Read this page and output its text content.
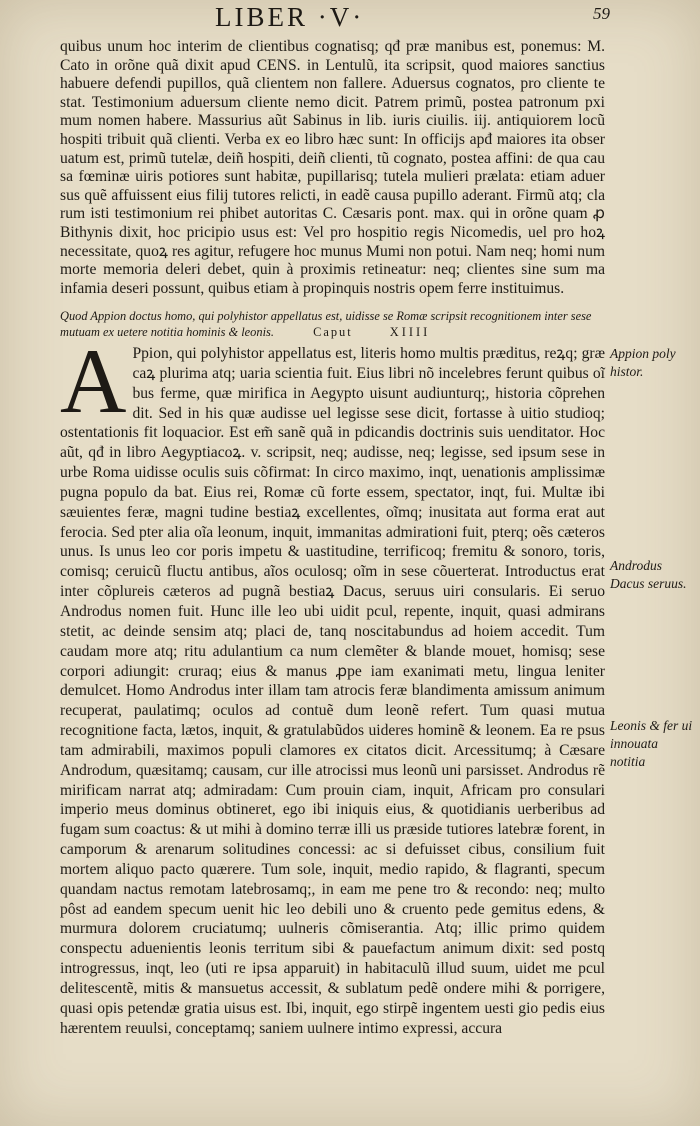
LIBER ·V·	59

quibus unum hoc interim de clientibus cognatisq; qđ præ manibus est, ponemus: M. Cato in orõne quã dixit apud CENS. in Lentulũ, ita scripsit, quod maiores sanctius habuere defendi pupillos, quã clientem non fallere. Aduersus cognatos, pro cliente te stat. Testimonium aduersum cliente nemo dicit. Patrem primũ, postea patronum pxi mum nomen habere. Massurius aũt Sabinus in lib. iuris ciuilis. iij. antiquiorem locũ hospiti tribuit quã clienti. Verba ex eo libro hæc sunt: In officijs apđ maiores ita obser uatum est, primũ tutelæ, deiñ hospiti, deiñ clienti, tũ cognato, postea affini: de qua cau sa fœminæ uiris potiores sunt habitæ, pupillarisq; tutela mulieri prælata: etiam aduer sus quẽ affuissent eius filij tutores relicti, in eadẽ causa pupillo aderant. Firmũ atq; cla rum isti testimonium rei phibet autoritas C. Cæsaris pont. max. qui in orõne quam ꝓ Bithynis dixit, hoc pricipio usus est: Vel pro hospitio regis Nicomedis, uel pro hoꝝ necessitate, quoꝝ res agitur, refugere hoc munus Mumi non potui. Nam neq; homi num morte memoria deleri debet, quin à proximis retineatur: neq; clientes sine sum ma infamia deseri possunt, quibus etiam à propinquis nostris opem ferre instituimus.

Quod Appion doctus homo, qui polyhistor appellatus est, uidisse se Romæ scripsit recognitionem inter sese mutuam ex uetere notitia hominis & leonis.	Caput	XIIII
A Ppion, qui polyhistor appellatus est, literis homo multis præditus, reꝝq; græ caꝝ plurima atq; uaria scientia fuit. Eius libri nõ incelebres ferunt quibus oĩ bus ferme, quæ mirifica in Aegypto uisunt audiunturq;, historia cõprehen dit. Sed in his quæ audisse uel legisse sese dicit, fortasse à uitio studioq; ostentationis fit loquacior. Est em̃ sanẽ quã in pdicandis doctrinis suis uenditator. Hoc aũt, qđ in libro Aegyptiacoꝝ. v. scripsit, neq; audisse, neq; legisse, sed ipsum sese in urbe Roma uidisse oculis suis cõfirmat: In circo maximo, inqt, uenationis amplissimæ pugna populo da bat. Eius rei, Romæ cũ forte essem, spectator, inqt, fui. Multæ ibi sæuientes feræ, magni tudine bestiaꝝ excellentes, oĩmq; inusitata aut forma erat aut ferocia. Sed pter alia oĩa leonum, inquit, immanitas admirationi fuit, pterq; oẽs cæteros unus. Is unus leo cor poris impetu & uastitudine, terrificoq; fremitu & sonoro, toris, comisq; ceruicũ fluctu antibus, aĩos oculosq; oĩm in sese cõuerterat. Introductus erat inter cõplureis cæteros ad pugnã bestiaꝝ Dacus, seruus uiri consularis. Ei seruo Androdus nomen fuit. Hunc ille leo ubi uidit pcul, repente, inquit, quasi admirans stetit, ac deinde sensim atq; placi de, tanq noscitabundus ad hoiem accedit. Tum caudam more atq; ritu adulantium ca num clemẽter & blande mouet, homisq; sese corpori adiungit: cruraq; eius & manus ꝓpe iam exanimati metu, lingua leniter demulcet. Homo Androdus inter illam tam atrocis feræ blandimenta amissum animum recuperat, paulatimq; oculos ad contuẽ dum leonẽ refert. Tum quasi mutua recognitione facta, lætos, inquit, & gratulabũdos uideres hominẽ & leonem. Ea re psus tam admirabili, maximos populi clamores ex citatos dicit. Arcessitumq; à Cæsare Androdum, quæsitamq; causam, cur ille atrocissi mus leonũ uni parsisset. Androdus rẽ mirificam narrat atq; admiradam: Cum prouin ciam, inquit, Africam pro consulari imperio meus dominus obtineret, ego ibi iniquis eius, & quotidianis uerberibus ad fugam sum coactus: & ut mihi à domino terræ illi us præside tutiores latebræ forent, in camporum & arenarum solitudines concessi: ac si defuisset cibus, consilium fuit mortem aliquo pacto quærere. Tum sole, inquit, medio rapido, & flagranti, specum quandam nactus remotam latebrosamq;, in eam me pene tro & recondo: neq; multo pôst ad eandem specum uenit hic leo debili uno & cruento pede gemitus edens, & murmura dolorem cruciatumq; uulneris cõmiserantia. Atq; illic primo quidem conspectu aduenientis leonis territum sibi & pauefactum animum dixit: sed postq introgressus, inqt, leo (uti re ipsa apparuit) in habitaculũ illud suum, uidet me pcul delitescentẽ, mitis & mansuetus accessit, & sublatum pedẽ ondere mihi & porrigere, quasi opis petendæ gratia uisus est. Ibi, inquit, ego stirpẽ ingentem uesti gio pedis eius hærentem reuulsi, conceptamq; saniem uulnere intimo expressi, accura

Appion poly histor.
Androdus Dacus seruus.
Leonis & fer ui innouata notitia
